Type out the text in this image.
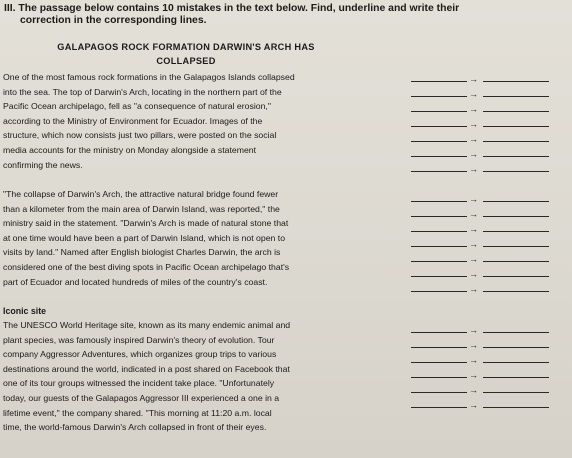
III. The passage below contains 10 mistakes in the text below. Find, underline and write their
correction in the corresponding lines.
GALAPAGOS ROCK FORMATION DARWIN'S ARCH HAS
COLLAPSED
One of the most famous rock formations in the Galapagos Islands collapsed
into the sea. The top of Darwin's Arch, locating in the northern part of the
Pacific Ocean archipelago, fell as "a consequence of natural erosion,"
according to the Ministry of Environment for Ecuador. Images of the
structure, which now consists just two pillars, were posted on the social
media accounts for the ministry on Monday alongside a statement
confirming the news.
"The collapse of Darwin's Arch, the attractive natural bridge found fewer
than a kilometer from the main area of Darwin Island, was reported," the
ministry said in the statement. "Darwin's Arch is made of natural stone that
at one time would have been a part of Darwin Island, which is not open to
visits by land." Named after English biologist Charles Darwin, the arch is
considered one of the best diving spots in Pacific Ocean archipelago that's
part of Ecuador and located hundreds of miles of the country's coast.
Iconic site
The UNESCO World Heritage site, known as its many endemic animal and
plant species, was famously inspired Darwin's theory of evolution. Tour
company Aggressor Adventures, which organizes group trips to various
destinations around the world, indicated in a post shared on Facebook that
one of its tour groups witnessed the incident take place. "Unfortunately
today, our guests of the Galapagos Aggressor III experienced a one in a
lifetime event," the company shared. "This morning at 11:20 a.m. local
time, the world-famous Darwin's Arch collapsed in front of their eyes.
→
→
→
→
→
→
→
→
→
→
→
→
→
→
→
→
→
→
→
→
